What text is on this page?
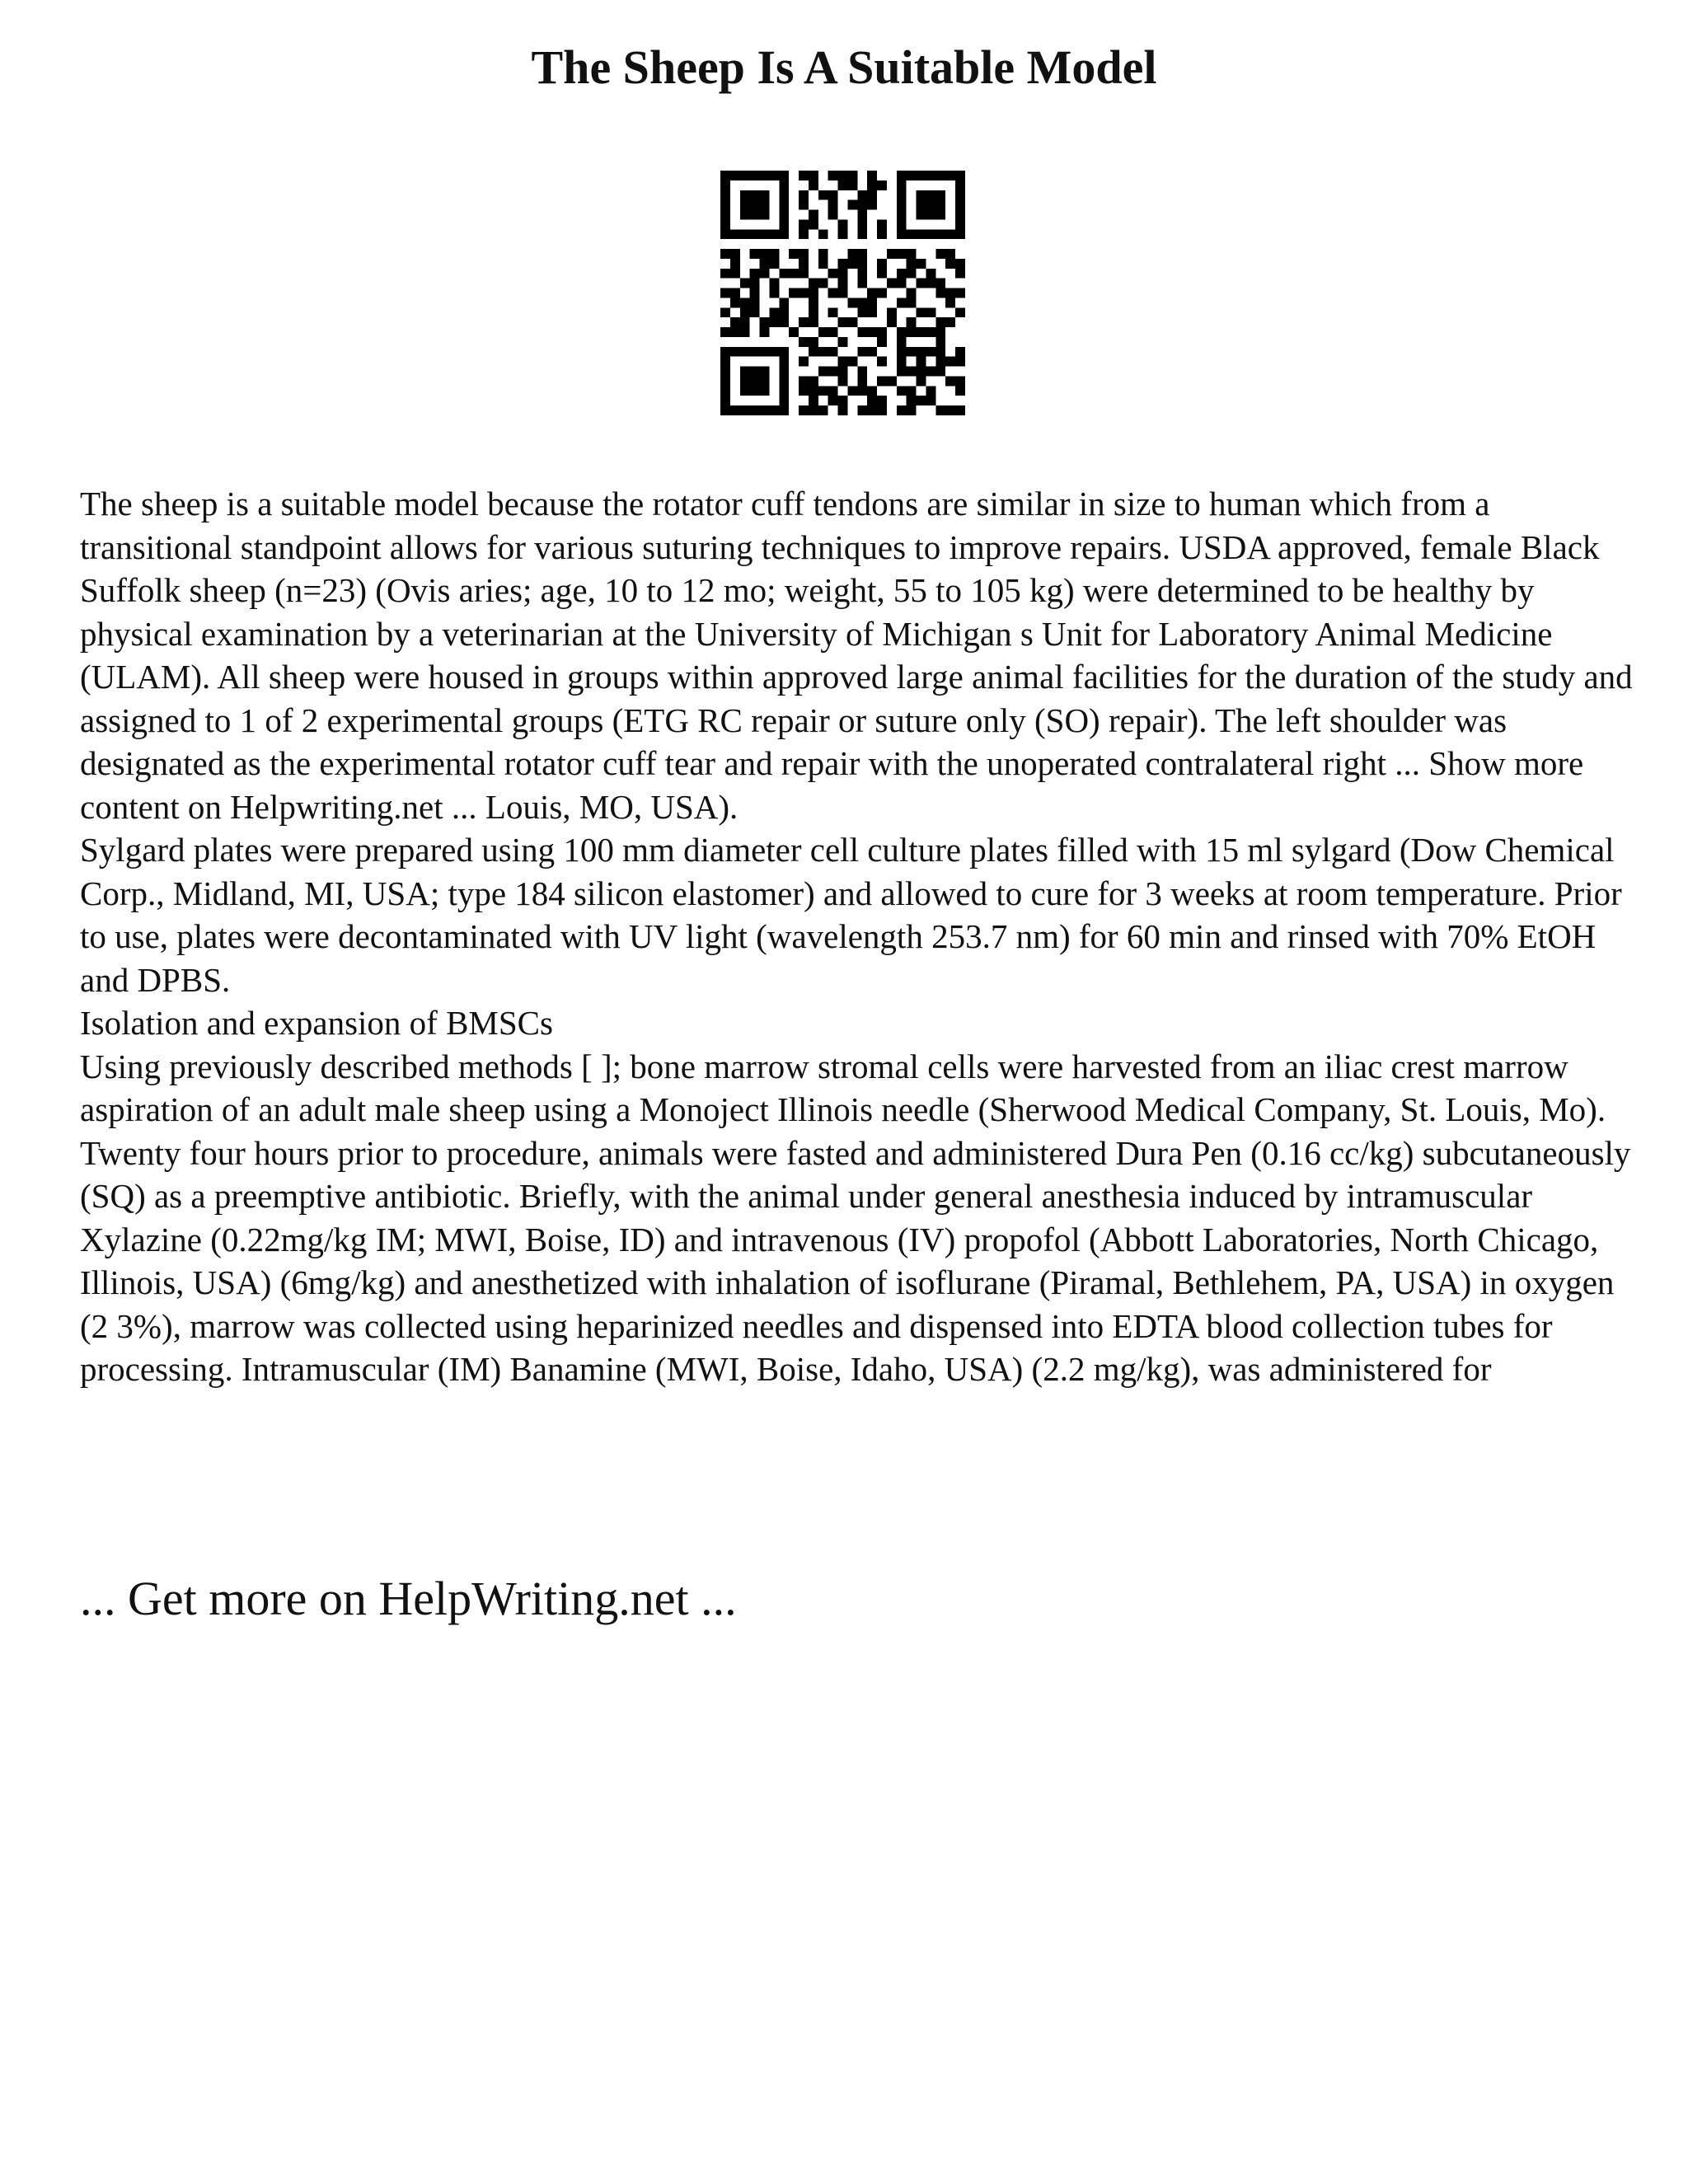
The Sheep Is A Suitable Model

The sheep is a suitable model because the rotator cuff tendons are similar in size to human which from a transitional standpoint allows for various suturing techniques to improve repairs. USDA approved, female Black Suffolk sheep (n=23) (Ovis aries; age, 10 to 12 mo; weight, 55 to 105 kg) were determined to be healthy by physical examination by a veterinarian at the University of Michigan s Unit for Laboratory Animal Medicine (ULAM). All sheep were housed in groups within approved large animal facilities for the duration of the study and assigned to 1 of 2 experimental groups (ETG RC repair or suture only (SO) repair). The left shoulder was designated as the experimental rotator cuff tear and repair with the unoperated contralateral right ... Show more content on Helpwriting.net ... Louis, MO, USA).

Sylgard plates were prepared using 100 mm diameter cell culture plates filled with 15 ml sylgard (Dow Chemical Corp., Midland, MI, USA; type 184 silicon elastomer) and allowed to cure for 3 weeks at room temperature. Prior to use, plates were decontaminated with UV light (wavelength 253.7 nm) for 60 min and rinsed with 70% EtOH and DPBS.

Isolation and expansion of BMSCs

Using previously described methods [ ]; bone marrow stromal cells were harvested from an iliac crest marrow aspiration of an adult male sheep using a Monoject Illinois needle (Sherwood Medical Company, St. Louis, Mo). Twenty four hours prior to procedure, animals were fasted and administered Dura Pen (0.16 cc/kg) subcutaneously (SQ) as a preemptive antibiotic. Briefly, with the animal under general anesthesia induced by intramuscular Xylazine (0.22mg/kg IM; MWI, Boise, ID) and intravenous (IV) propofol (Abbott Laboratories, North Chicago, Illinois, USA) (6mg/kg) and anesthetized with inhalation of isoflurane (Piramal, Bethlehem, PA, USA) in oxygen (2 3%), marrow was collected using heparinized needles and dispensed into EDTA blood collection tubes for processing. Intramuscular (IM) Banamine (MWI, Boise, Idaho, USA) (2.2 mg/kg), was administered for

... Get more on HelpWriting.net ...
